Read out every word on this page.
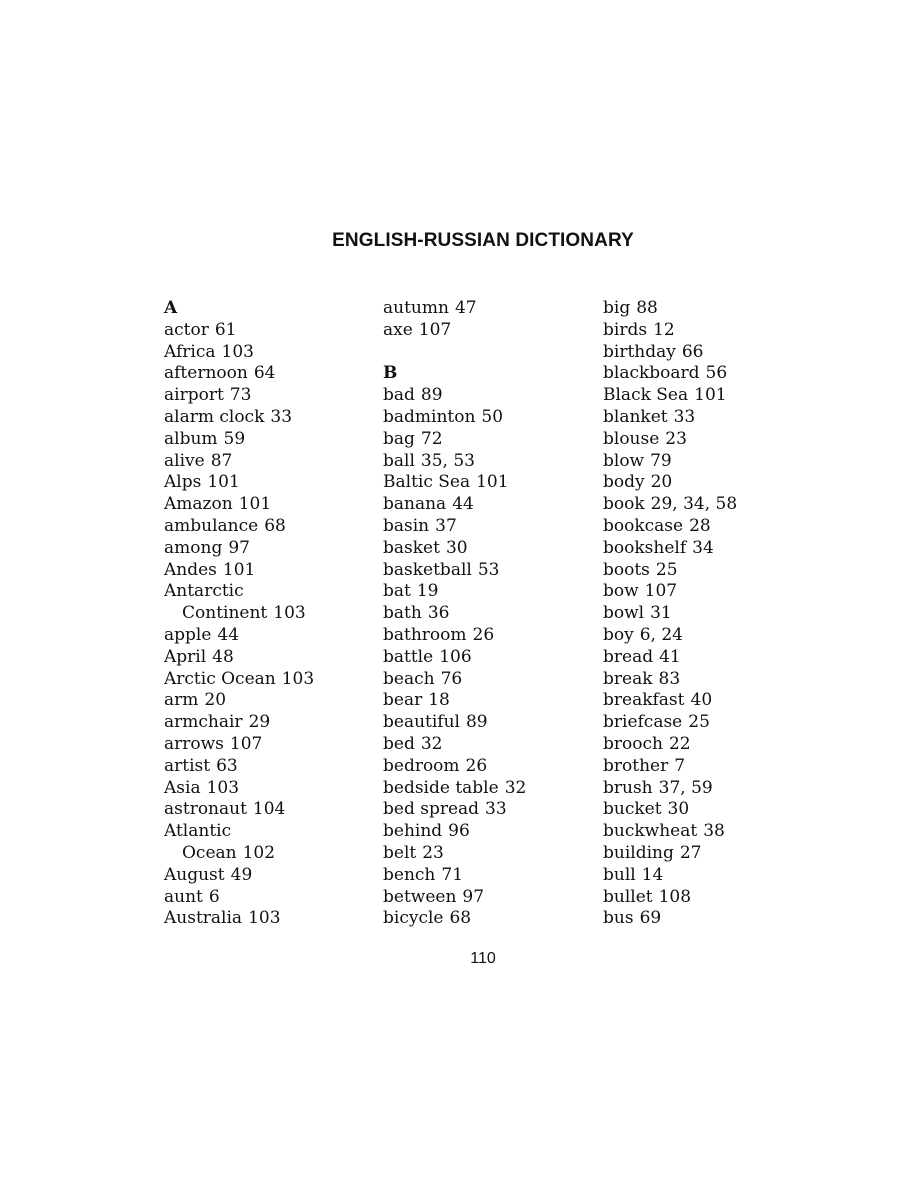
ENGLISH-RUSSIAN DICTIONARY
A
actor 61
Africa 103
afternoon 64
airport 73
alarm clock 33
album 59
alive 87
Alps 101
Amazon 101
ambulance 68
among 97
Andes 101
Antarctic
Continent 103
apple 44
April 48
Arctic Ocean 103
arm 20
armchair 29
arrows 107
artist 63
Asia 103
astronaut 104
Atlantic
Ocean 102
August 49
aunt 6
Australia 103
autumn 47
axe 107
B
bad 89
badminton 50
bag 72
ball 35, 53
Baltic Sea 101
banana 44
basin 37
basket 30
basketball 53
bat 19
bath 36
bathroom 26
battle 106
beach 76
bear 18
beautiful 89
bed 32
bedroom 26
bedside table 32
bed spread 33
behind 96
belt 23
bench 71
between 97
bicycle 68
big 88
birds 12
birthday 66
blackboard 56
Black Sea 101
blanket 33
blouse 23
blow 79
body 20
book 29, 34, 58
bookcase 28
bookshelf 34
boots 25
bow 107
bowl 31
boy 6, 24
bread 41
break 83
breakfast 40
briefcase 25
brooch 22
brother 7
brush 37, 59
bucket 30
buckwheat 38
building 27
bull 14
bullet 108
bus 69

110
